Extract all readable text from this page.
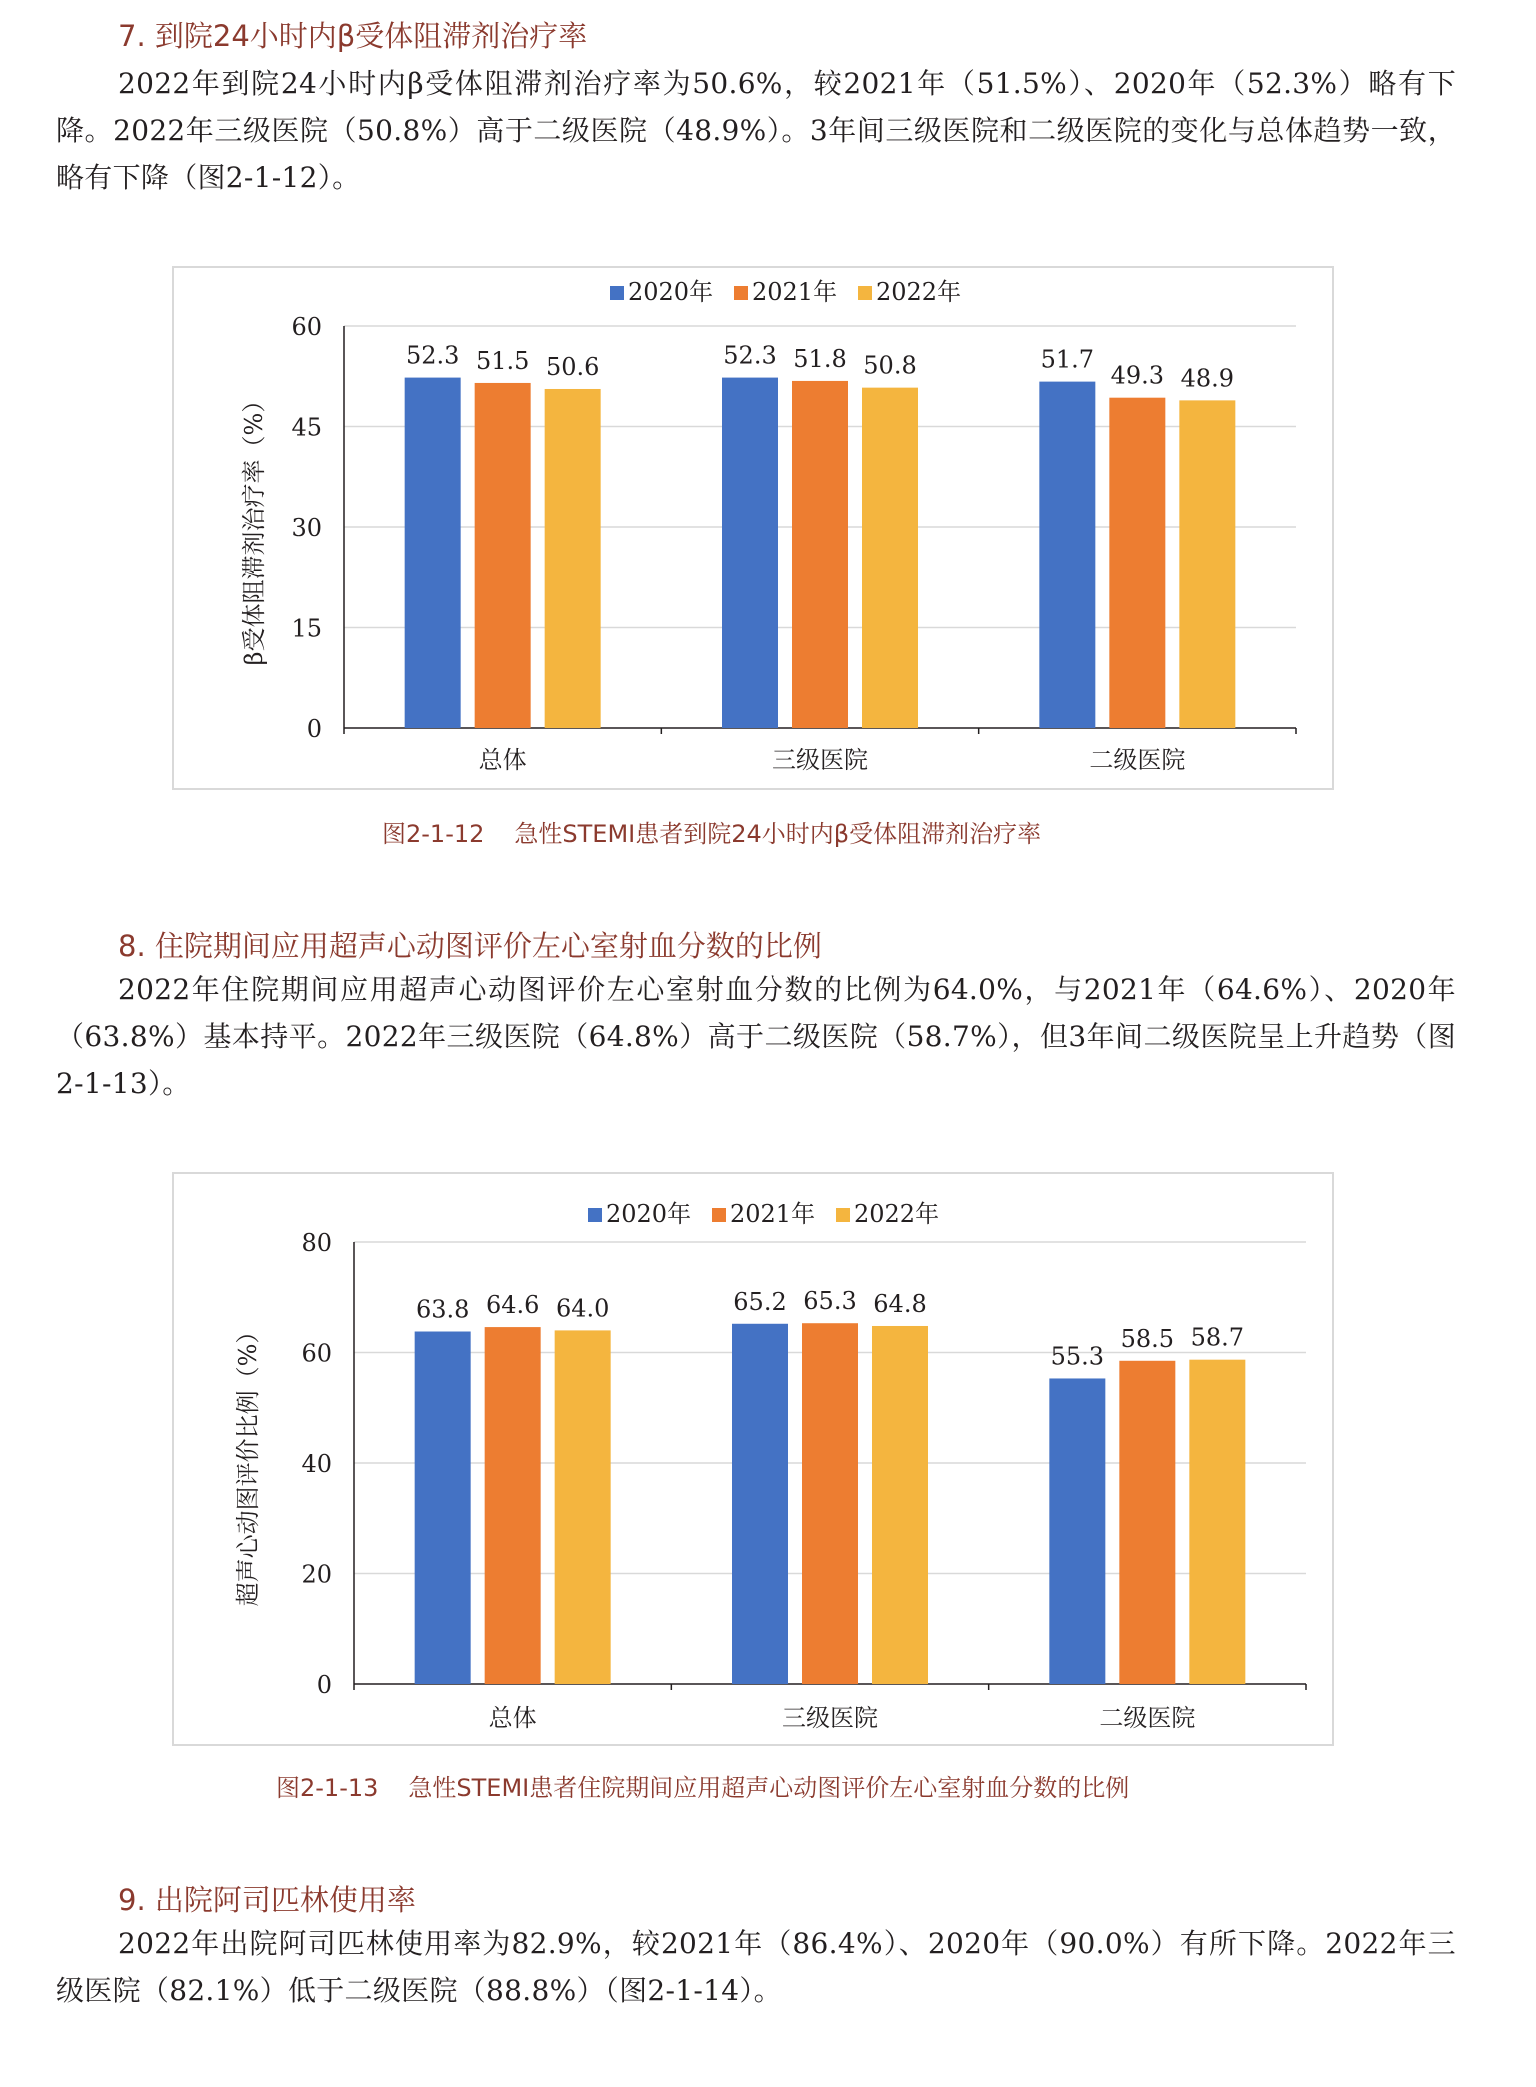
7. 到院24小时内β受体阻滞剂治疗率

2022年到院24小时内β受体阻滞剂治疗率为50.6%，较2021年（51.5%）、2020年（52.3%）略有下降。2022年三级医院（50.8%）高于二级医院（48.9%）。3年间三级医院和二级医院的变化与总体趋势一致，略有下降（图2-1-12）。

0
15
30
45
60
总体
52.3 51.5 50.6
三级医院
52.3 51.8 50.8
二级医院
51.7
49.3 48.9
2020年 2021年 2022年
β受体阻滞剂治疗率（%）
图2-1-12 急性STEMI患者到院24小时内β受体阻滞剂治疗率
8. 住院期间应用超声心动图评价左心室射血分数的比例

2022年住院期间应用超声心动图评价左心室射血分数的比例为64.0%，与2021年（64.6%）、2020年（63.8%）基本持平。2022年三级医院（64.8%）高于二级医院（58.7%），但3年间二级医院呈上升趋势（图2-1-13）。

0
20
40
60
80
总体
63.8 64.6 64.0
三级医院
65.2 65.3 64.8
二级医院
55.3
58.5 58.7
2020年 2021年 2022年
超声心动图评价比例（%）
图2-1-13 急性STEMI患者住院期间应用超声心动图评价左心室射血分数的比例
9. 出院阿司匹林使用率

2022年出院阿司匹林使用率为82.9%，较2021年（86.4%）、2020年（90.0%）有所下降。2022年三级医院（82.1%）低于二级医院（88.8%）（图2-1-14）。
